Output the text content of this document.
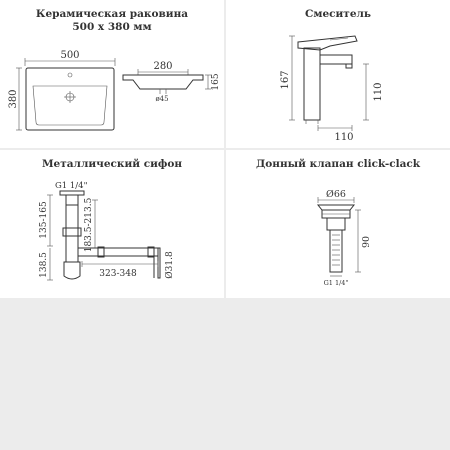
Керамическая раковина
500 x 380 мм
500
380
280
ø45
165
Смеситель
167
110
110
Металлический сифон
G1 1/4"
135-165
138.5
183.5-213.5
323-348	Ø31.8
Донный клапан click-clack
Ø66
90
G1 1/4"
